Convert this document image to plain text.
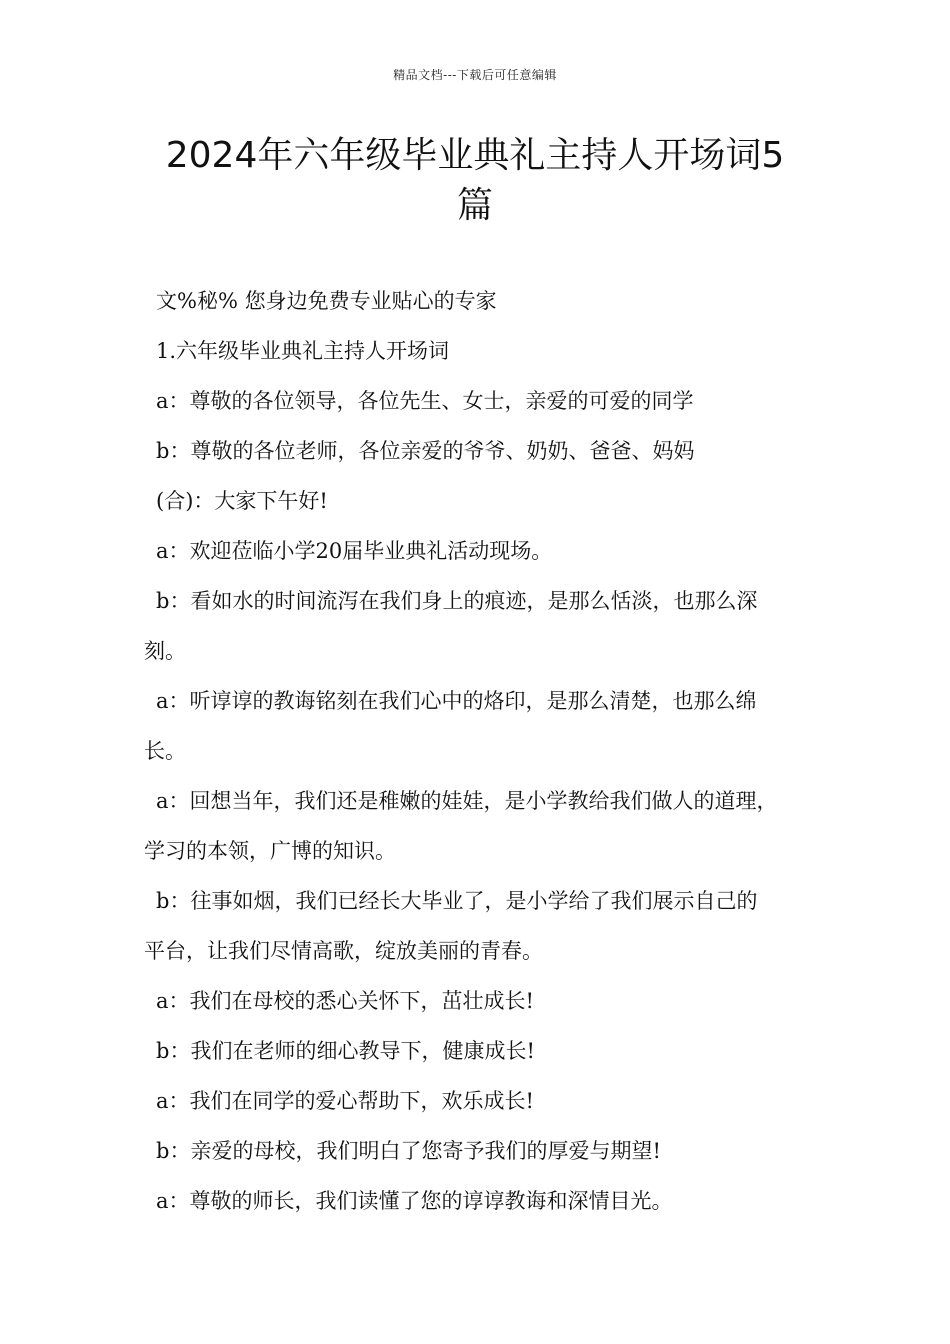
精品文档---下载后可任意编辑
2024年六年级毕业典礼主持人开场词5
篇
文%秘% 您身边免费专业贴心的专家
1.六年级毕业典礼主持人开场词
a：尊敬的各位领导，各位先生、女士，亲爱的可爱的同学
b：尊敬的各位老师，各位亲爱的爷爷、奶奶、爸爸、妈妈
(合)：大家下午好!
a：欢迎莅临小学20届毕业典礼活动现场。
b：看如水的时间流泻在我们身上的痕迹，是那么恬淡，也那么深
刻。
a：听谆谆的教诲铭刻在我们心中的烙印，是那么清楚，也那么绵
长。
a：回想当年，我们还是稚嫩的娃娃，是小学教给我们做人的道理，
学习的本领，广博的知识。
b：往事如烟，我们已经长大毕业了，是小学给了我们展示自己的
平台，让我们尽情高歌，绽放美丽的青春。
a：我们在母校的悉心关怀下，茁壮成长!
b：我们在老师的细心教导下，健康成长!
a：我们在同学的爱心帮助下，欢乐成长!
b：亲爱的母校，我们明白了您寄予我们的厚爱与期望!
a：尊敬的师长，我们读懂了您的谆谆教诲和深情目光。
